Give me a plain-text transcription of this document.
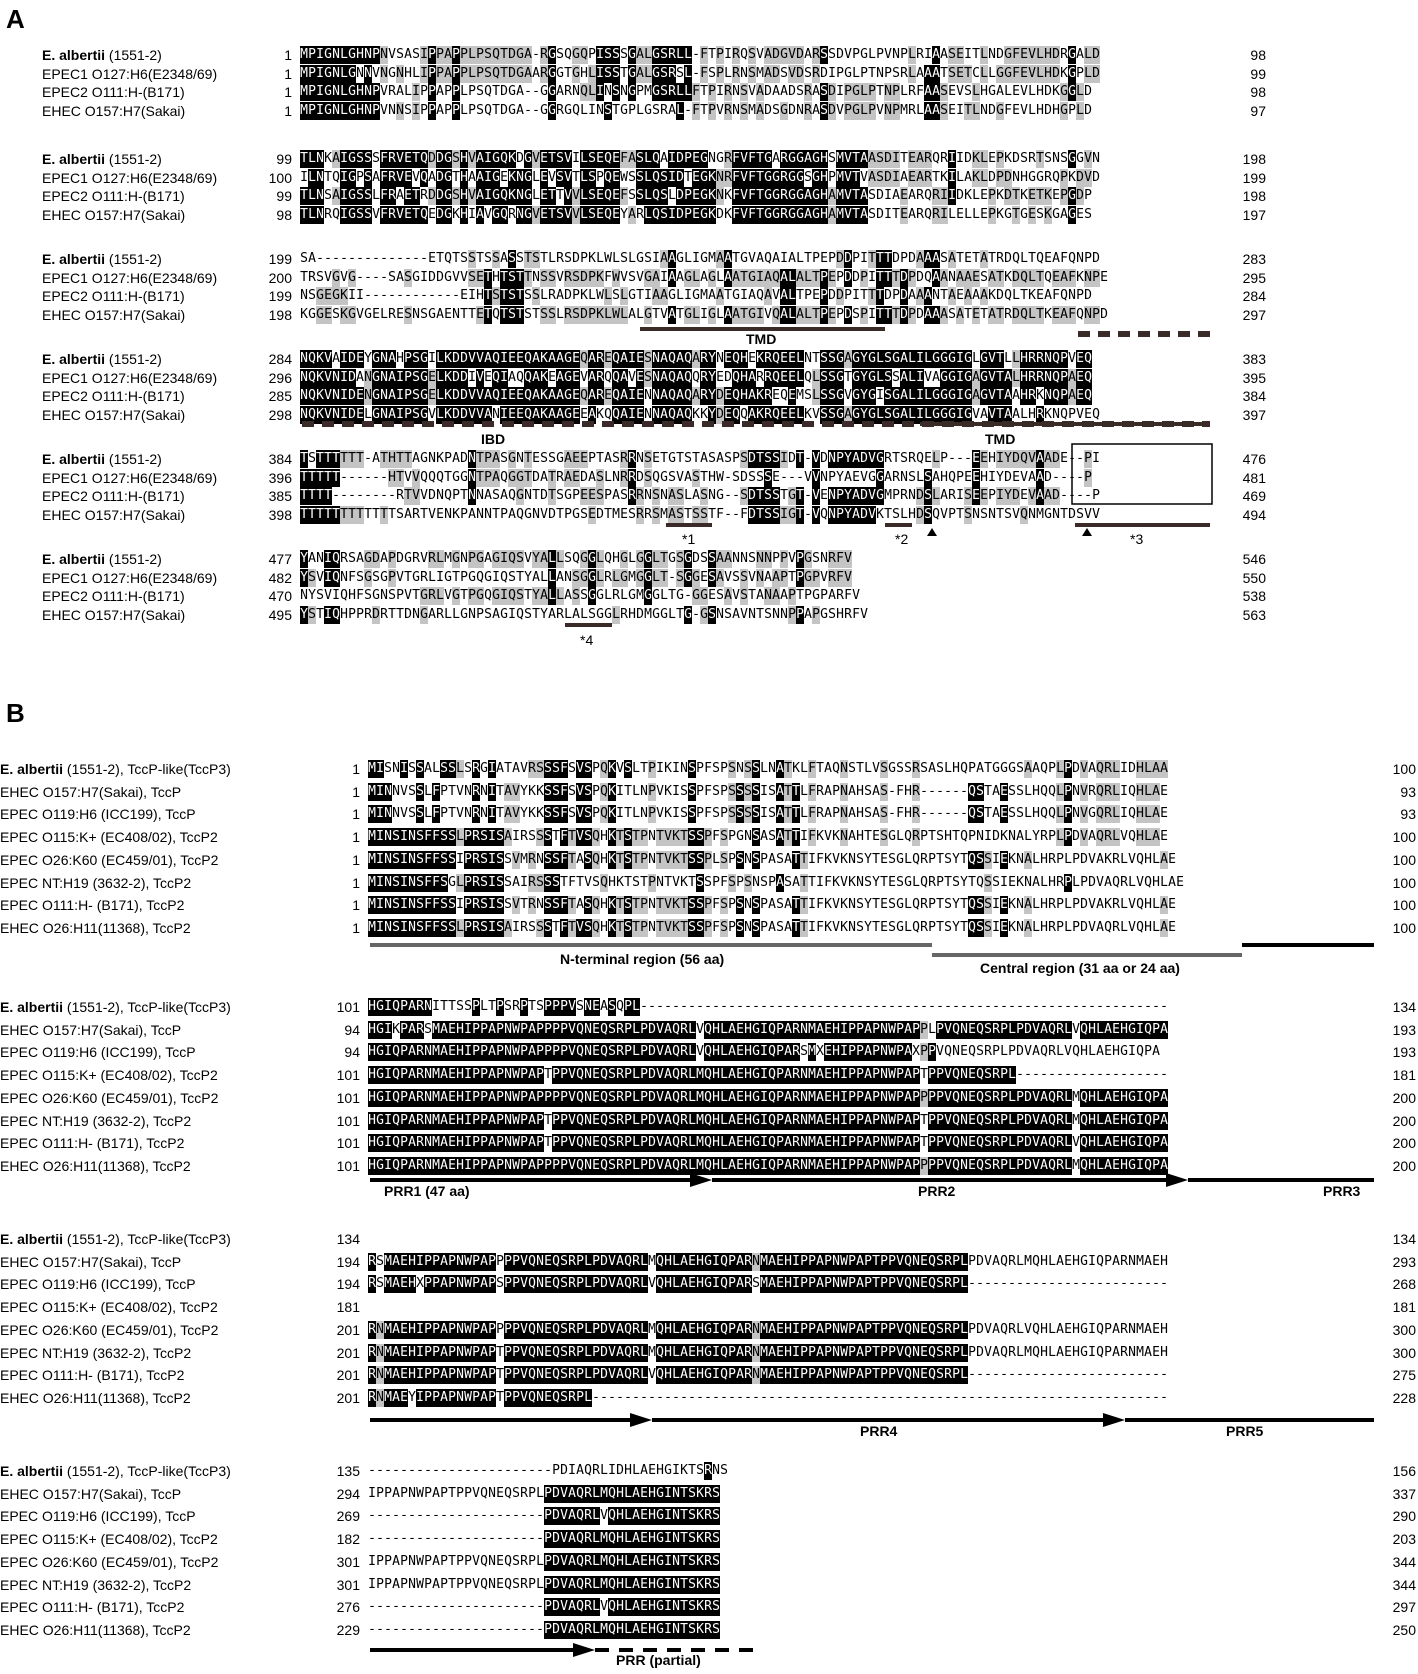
A
B
E. albertii (1551-2)	1 MPIGNLGHNPNVSASIPPAPPLPSQTDGA-RGSQGQPISSSGALGSRLL-FTPIRQSVADGVDARSSDVPGLPVNPLRIAASEITLNDGFEVLHDRGALD	98
EPEC1 O127:H6(E2348/69)	1 MPIGNLGNNVNGNHLIPPAPPLPSQTDGAARGGTGHLISSTGALGSRSL-FSPLRNSMADSVDSRDIPGLPTNPSRLAAATSETCLLGGFEVLHDKGPLD	99
EPEC2 O111:H-(B171)	1 MPIGNLGHNPVRALIPPAPPLPSQTDGA--GGARNQLINSNGPMGSRLLFTPIRNSVADAADSRASDIPGLPTNPLRFAASEVSLHGALEVLHDKGGLD	98
EHEC O157:H7(Sakai)	1 MPIGNLGHNPVNNSIPPAPPLPSQTDGA--GGRGQLINSTGPLGSRAL-FTPVRNSMADSGDNRASDVPGLPVNPMRLAASEITLNDGFEVLHDHGPLD	97
E. albertii (1551-2)	99 TLNKAIGSSSFRVETQDDGSHVAIGQKDGVETSVILSEQEFASLQAIDPEGNGRFVFTGARGGAGHSMVTAASDITEARQRIIDKLEPKDSRTSNSGGVN	198
EPEC1 O127:H6(E2348/69)	100 ILNTQIGPSAFRVEVQADGTHAAIGEKNGLEVSVTLSPQEWSSLQSIDTEGKNRFVFTGGRGGSGHPMVTVASDIAEARTKILAKLDPDNHGGRQPKDVD	199
EPEC2 O111:H-(B171)	99 TLNSAIGSSLFRAETRDDGSHVAIGQKNGLETTVVLSEQEFSSLQSLDPEGKNKFVFTGGRGGAGHAMVTASDIAEARQRIIDKLEPKDTKETKEPGDP	198
EHEC O157:H7(Sakai)	98 TLNRQIGSSVFRVETQEDGKHIAVGQRNGVETSVVLSEQEYARLQSIDPEGKDKFVFTGGRGGAGHAMVTASDITEARQRILELLEPKGTGESKGAGES	197
E. albertii (1551-2)	199 SA--------------ETQTSSTSSASSTSTLRSDPKLWLSLGSIAAGLIGMAATGVAQAIALTPEPDDPITTTDPDAAASATETATRDQLTQEAFQNPD	283
EPEC1 O127:H6(E2348/69)	200 TRSVGVG----SASGIDDGVVSETHTSTTNSSVRSDPKFWVSVGAIAAGLAGLAATGIAQALALTPEPDDPITTTDPDQAANAAESATKDQLTQEAFKNPE	295
EPEC2 O111:H-(B171)	199 NSGEGKII------------EIHTSTSTSSLRADPKLWLSLGTIAAGLIGMAATGIAQAVALTPEPDDPITTTDPDAAANTAEAAAKDQLTKEAFQNPD	284
EHEC O157:H7(Sakai)	198 KGGESKGVGELRESNSGAENTTETQTSTSTSSLRSDPKLWLALGTVATGLIGLAATGIVQALALTPEPDSPITTTDPDAAASATETATRDQLTKEAFQNPD	297
E. albertii (1551-2)	284 NQKVAIDEYGNAHPSGILKDDVVAQIEEQAKAAGEQAREQAIESNAQAQARYNEQHEKRQEELNTSSGAGYGLSGALILGGGIGLGVTLLHRRNQPVEQ	383
EPEC1 O127:H6(E2348/69)	296 NQKVNIDANGNAIPSGELKDDIVEQIAQQAKEAGEVARQQAVESNAQAQQRYEDQHARRQEELQLSSGTGYGLSSALIVAGGIGAGVTALHRRNQPAEQ	395
EPEC2 O111:H-(B171)	285 NQKVNIDENGNAIPSGELKDDVVAQIEEQAKAAGEQAREQAIENNAQAQARYDEQHAKREQEMSLSSGVGYGISGALILGGGIGAGVTAAHRKNQPAEQ	384
EHEC O157:H7(Sakai)	298 NQKVNIDELGNAIPSGVLKDDVVANIEEQAKAAGEEAKQQAIENNAQAQKKYDEQQAKRQEELKVSSGAGYGLSGALILGGGIGVAVTAALHRKNQPVEQ	397
E. albertii (1551-2)	384 TSTTTTTT-ATHTTAGNKPADNTPASGNTESSGAEEPTASRRNSETGTSTASASPSDTSSIDT-VDNPYADVGRTSRQELP---EEHIYDQVAADE--PI	476
EPEC1 O127:H6(E2348/69)	396 TTTTT------HTVVQQQTGGNTPAQGGTDATRAEDASLNRRDSQGSVASTHW-SDSSSE---VVNPYAEVGGARNSLSAHQPEEHIYDEVAAD----P	481
EPEC2 O111:H-(B171)	385 TTTT--------RTVVDNQPTNNASAQGNTDTSGPEESPASRRNSNASLASNG--SDTSSTGT-VENPYADVGMPRNDSLARISEEPIYDEVAAD----P	469
EHEC O157:H7(Sakai)	398 TTTTTTTTTTTTSARTVENKPANNTPAQGNVDTPGSEDTMESRRSMASTSSTF--FDTSSIGT-VQNPYADVKTSLHDSQVPTSNSNTSVQNMGNTDSVV	494
E. albertii (1551-2)	477 YANIQRSAGDAPDGRVRLMGNPGAGIQSVYALLSQGGLQHGLGGLTGSGDSSAANNSNNPPVPGSNRFV	546
EPEC1 O127:H6(E2348/69)	482 YSVIQNFSGSGPVTGRLIGTPGQGIQSTYALLANSGGLRLGMGGLT-SGGESAVSSVNAAPTPGPVRFV	550
EPEC2 O111:H-(B171)	470 NYSVIQHFSGNSPVTGRLVGTPGQGIQSTYALLASSGGLRLGMGGLTG-GGESAVSTANAAPTPGPARFV	538
EHEC O157:H7(Sakai)	495 YSTIQHPPRDRTTDNGARLLGNPSAGIQSTYARLALSGGLRHDMGGLTG-GSNSAVNTSNNPPAPGSHRFV	563
E. albertii (1551-2), TccP-like(TccP3)	1 MISNISSALSSLSRGIATAVRSSSFSVSPQKVSLTPIKINSPFSPSNSSLNATKLFTAQNSTLVSGSSRSASLHQPATGGGSAAQPLPDVAQRLIDHLAA	100
EHEC O157:H7(Sakai), TccP	1 MINNVSSLFPTVNRNITAVYKKSSFSVSPQKITLNPVKISSPFSPSSSSISATTLFRAPNAHSAS-FHR------QSTAESSLHQQLPNVRQRLIQHLAE	93
EPEC O119:H6 (ICC199), TccP	1 MINNVSSLFPTVNRNITAVYKKSSFSVSPQKITLNPVKISSPFSPSSSSISATTLFRAPNAHSAS-FHR------QSTAESSLHQQLPNVGQRLIQHLAE	93
EPEC O115:K+ (EC408/02), TccP2	1 MINSINSFFSSLPRSISAIRSSSTFTVSQHKTSTPNTVKTSSPFSPGNSASATTIFKVKNAHTESGLQRPTSHTQPNIDKNALYRPLPDVAQRLVQHLAE	100
EPEC O26:K60 (EC459/01), TccP2	1 MINSINSFFSSIPRSISSVMRNSSFTASQHKTSTPNTVKTSSPLSPSNSPASATTIFKVKNSYTESGLQRPTSYTQSSIEKNALHRPLPDVAKRLVQHLAE	100
EPEC NT:H19 (3632-2), TccP2	1 MINSINSFFSGLPRSISSAIRSSSTFTVSQHKTSTPNTVKTSSPFSPSNSPASATTIFKVKNSYTESGLQRPTSYTQSSIEKNALHRPLPDVAQRLVQHLAE	100
EPEC O111:H- (B171), TccP2	1 MINSINSFFSSIPRSISSVTRNSSFTASQHKTSTPNTVKTSSPFSPSNSPASATTIFKVKNSYTESGLQRPTSYTQSSIEKNALHRPLPDVAKRLVQHLAE	100
EHEC O26:H11(11368), TccP2	1 MINSINSFFSSLPRSISAIRSSSTFTVSQHKTSTPNTVKTSSPFSPSNSPASATTIFKVKNSYTESGLQRPTSYTQSSIEKNALHRPLPDVAQRLVQHLAE	100
E. albertii (1551-2), TccP-like(TccP3)	101 HGIQPARNITTSSPLTPSRPTSPPPVSNEASQPL------------------------------------------------------------------	134
EHEC O157:H7(Sakai), TccP	94 HGIKPARSMAEHIPPAPNWPAPPPPVQNEQSRPLPDVAQRLVQHLAEHGIQPARNMAEHIPPAPNWPAPPLPVQNEQSRPLPDVAQRLVQHLAEHGIQPA	193
EPEC O119:H6 (ICC199), TccP	94 HGIQPARNMAEHIPPAPNWPAPPPPVQNEQSRPLPDVAQRLVQHLAEHGIQPARSMXEHIPPAPNWPAXPPVQNEQSRPLPDVAQRLVQHLAEHGIQPA	193
EPEC O115:K+ (EC408/02), TccP2	101 HGIQPARNMAEHIPPAPNWPAPTPPVQNEQSRPLPDVAQRLMQHLAEHGIQPARNMAEHIPPAPNWPAPTPPVQNEQSRPL-------------------	181
EPEC O26:K60 (EC459/01), TccP2	101 HGIQPARNMAEHIPPAPNWPAPPPPVQNEQSRPLPDVAQRLMQHLAEHGIQPARNMAEHIPPAPNWPAPPPPVQNEQSRPLPDVAQRLMQHLAEHGIQPA	200
EPEC NT:H19 (3632-2), TccP2	101 HGIQPARNMAEHIPPAPNWPAPTPPVQNEQSRPLPDVAQRLMQHLAEHGIQPARNMAEHIPPAPNWPAPTPPVQNEQSRPLPDVAQRLMQHLAEHGIQPA	200
EPEC O111:H- (B171), TccP2	101 HGIQPARNMAEHIPPAPNWPAPTPPVQNEQSRPLPDVAQRLMQHLAEHGIQPARNMAEHIPPAPNWPAPTPPVQNEQSRPLPDVAQRLVQHLAEHGIQPA	200
EHEC O26:H11(11368), TccP2	101 HGIQPARNMAEHIPPAPNWPAPPPPVQNEQSRPLPDVAQRLMQHLAEHGIQPARNMAEHIPPAPNWPAPPPPVQNEQSRPLPDVAQRLMQHLAEHGIQPA	200
E. albertii (1551-2), TccP-like(TccP3)	134	134
EHEC O157:H7(Sakai), TccP	194 RSMAEHIPPAPNWPAPPPPVQNEQSRPLPDVAQRLMQHLAEHGIQPARNMAEHIPPAPNWPAPTPPVQNEQSRPLPDVAQRLMQHLAEHGIQPARNMAEH	293
EPEC O119:H6 (ICC199), TccP	194 RSMAEHXPPAPNWPAPSPPVQNEQSRPLPDVAQRLVQHLAEHGIQPARSMAEHIPPAPNWPAPTPPVQNEQSRPL-------------------------	268
EPEC O115:K+ (EC408/02), TccP2	181	181
EPEC O26:K60 (EC459/01), TccP2	201 RNMAEHIPPAPNWPAPPPPVQNEQSRPLPDVAQRLMQHLAEHGIQPARNMAEHIPPAPNWPAPTPPVQNEQSRPLPDVAQRLVQHLAEHGIQPARNMAEH	300
EPEC NT:H19 (3632-2), TccP2	201 RNMAEHIPPAPNWPAPTPPVQNEQSRPLPDVAQRLMQHLAEHGIQPARNMAEHIPPAPNWPAPTPPVQNEQSRPLPDVAQRLMQHLAEHGIQPARNMAEH	300
EPEC O111:H- (B171), TccP2	201 RNMAEHIPPAPNWPAPTPPVQNEQSRPLPDVAQRLVQHLAEHGIQPARNMAEHIPPAPNWPAPTPPVQNEQSRPL-------------------------	275
EHEC O26:H11(11368), TccP2	201 RNMAEYIPPAPNWPAPTPPVQNEQSRPL------------------------------------------------------------------------	228
E. albertii (1551-2), TccP-like(TccP3)	135 -----------------------PDIAQRLIDHLAEHGIKTSRNS	156
EHEC O157:H7(Sakai), TccP	294 IPPAPNWPAPTPPVQNEQSRPLPDVAQRLMQHLAEHGINTSKRS	337
EPEC O119:H6 (ICC199), TccP	269 ----------------------PDVAQRLVQHLAEHGINTSKRS	290
EPEC O115:K+ (EC408/02), TccP2	182 ----------------------PDVAQRLMQHLAEHGINTSKRS	203
EPEC O26:K60 (EC459/01), TccP2	301 IPPAPNWPAPTPPVQNEQSRPLPDVAQRLMQHLAEHGINTSKRS	344
EPEC NT:H19 (3632-2), TccP2	301 IPPAPNWPAPTPPVQNEQSRPLPDVAQRLMQHLAEHGINTSKRS	344
EPEC O111:H- (B171), TccP2	276 ----------------------PDVAQRLVQHLAEHGINTSKRS	297
EHEC O26:H11(11368), TccP2	229 ----------------------PDVAQRLMQHLAEHGINTSKRS	250
TMD
IBD	TMD
*1	*2	*3
*4
N-terminal region (56 aa)
Central region (31 aa or 24 aa)
PRR1 (47 aa)	PRR2	PRR3
PRR4	PRR5
PRR (partial)
